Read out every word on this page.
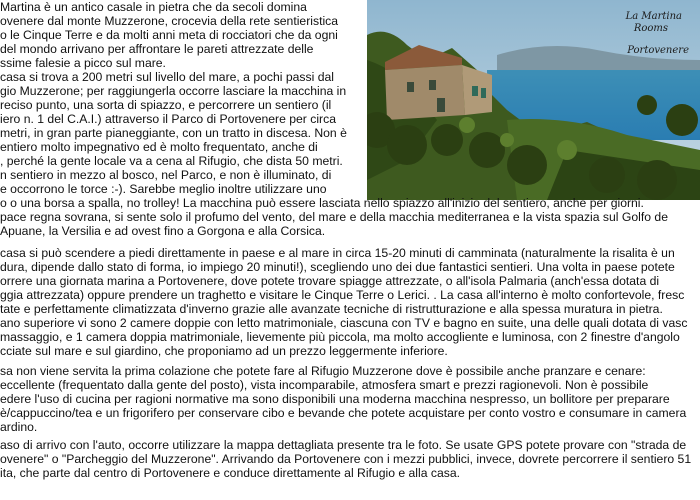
La Martina
Rooms
Portovenere
Martina è un antico casale in pietra che da secoli domina
ovenere dal monte Muzzerone, crocevia della rete sentieristica
o le Cinque Terre e da molti anni meta di rocciatori che da ogni
del mondo arrivano per affrontare le pareti attrezzate delle
ssime falesie a picco sul mare.
casa si trova a 200 metri sul livello del mare, a pochi passi dal
gio Muzzerone; per raggiungerla occorre lasciare la macchina in
reciso punto, una sorta di spiazzo, e percorrere un sentiero (il
iero n. 1 del C.A.I.) attraverso il Parco di Portovenere per circa
metri, in gran parte pianeggiante, con un tratto in discesa. Non è
entiero molto impegnativo ed è molto frequentato, anche di
, perché la gente locale va a cena al Rifugio, che dista 50 metri.
n sentiero in mezzo al bosco, nel Parco, e non è illuminato, di
e occorrono le torce :-). Sarebbe meglio inoltre utilizzare uno
o o una borsa a spalla, no trolley! La macchina può essere lasciata nello spiazzo all'inizio del sentiero, anche per giorni.
pace regna sovrana, si sente solo il profumo del vento, del mare e della macchia mediterranea e la vista spazia sul Golfo de
Apuane, la Versilia e ad ovest fino a Gorgona e alla Corsica.
casa si può scendere a piedi direttamente in paese e al mare in circa 15-20 minuti di camminata (naturalmente la risalita è un
dura, dipende dallo stato di forma, io impiego 20 minuti!), scegliendo uno dei due fantastici sentieri. Una volta in paese potete
orrere una giornata marina a Portovenere, dove potete trovare spiagge attrezzate, o all'isola Palmaria (anch'essa dotata di
ggia attrezzata) oppure prendere un traghetto e visitare le Cinque Terre o Lerici. . La casa all'interno è molto confortevole, fresc
tate e perfettamente climatizzata d'inverno grazie alle avanzate tecniche di ristrutturazione e alla spessa muratura in pietra.
ano superiore vi sono 2 camere doppie con letto matrimoniale, ciascuna con TV e bagno en suite, una delle quali dotata di vasc
massaggio, e 1 camera doppia matrimoniale, lievemente più piccola, ma molto accogliente e luminosa, con 2 finestre d'angolo
cciate sul mare e sul giardino, che proponiamo ad un prezzo leggermente inferiore.
sa non viene servita la prima colazione che potete fare al Rifugio Muzzerone dove è possibile anche pranzare e cenare:
eccellente (frequentato dalla gente del posto), vista incomparabile, atmosfera smart e prezzi ragionevoli. Non è possibile
edere l'uso di cucina per ragioni normative ma sono disponibili una moderna macchina nespresso, un bollitore per preparare
è/cappuccino/tea e un frigorifero per conservare cibo e bevande che potete acquistare per conto vostro e consumare in camera
ardino.
aso di arrivo con l'auto, occorre utilizzare la mappa dettagliata presente tra le foto. Se usate GPS potete provare con "strada de
ovenere" o "Parcheggio del Muzzerone". Arrivando da Portovenere con i mezzi pubblici, invece, dovrete percorrere il sentiero 51
ita, che parte dal centro di Portovenere e conduce direttamente al Rifugio e alla casa.
